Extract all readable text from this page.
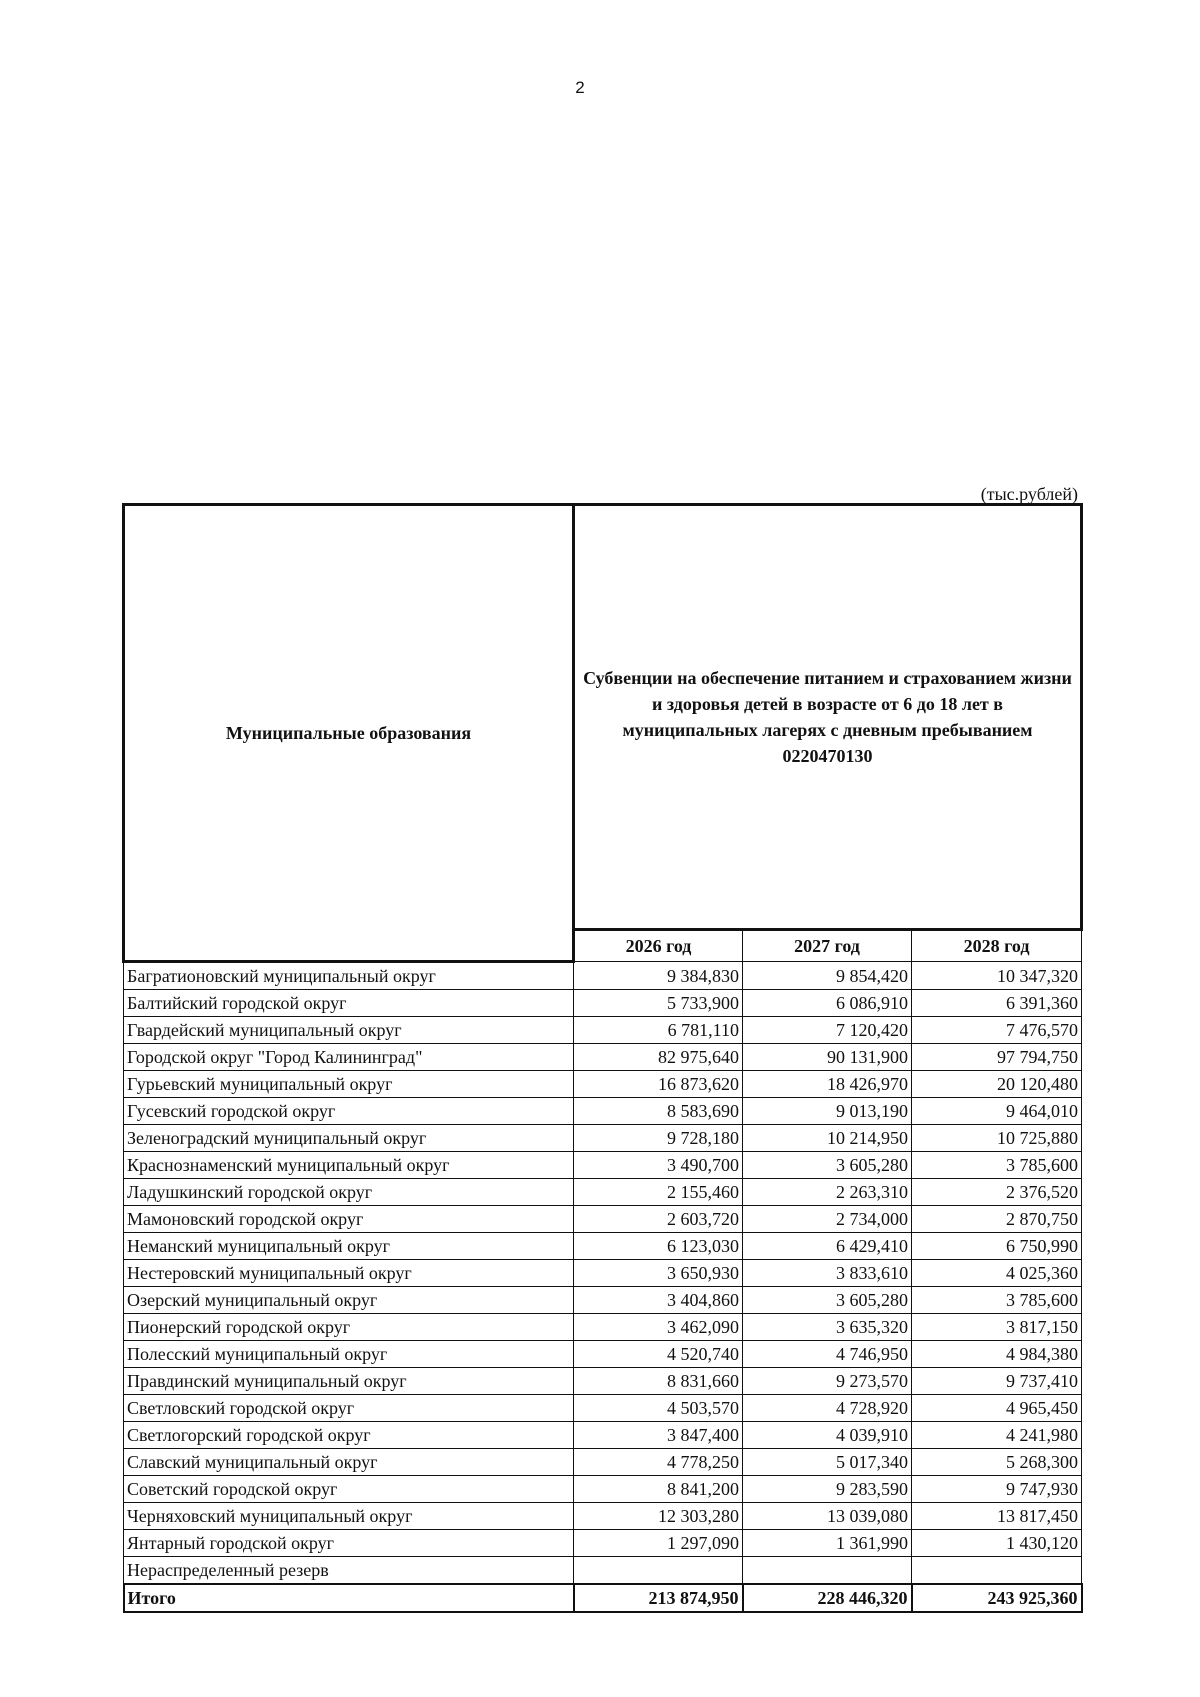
2
(тыс.рублей)
Муниципальные образования	Субвенции на обеспечение питанием и страхованием жизни и здоровья детей в возрасте от 6 до 18 лет в муниципальных лагерях с дневным пребыванием
0220470130		

	2026 год	2027 год	2028 год
Багратионовский муниципальный округ	9 384,830	9 854,420	10 347,320
Балтийский городской округ	5 733,900	6 086,910	6 391,360
Гвардейский муниципальный округ	6 781,110	7 120,420	7 476,570
Городской округ "Город Калининград"	82 975,640	90 131,900	97 794,750
Гурьевский муниципальный округ	16 873,620	18 426,970	20 120,480
Гусевский городской округ	8 583,690	9 013,190	9 464,010
Зеленоградский муниципальный округ	9 728,180	10 214,950	10 725,880
Краснознаменский муниципальный округ	3 490,700	3 605,280	3 785,600
Ладушкинский городской округ	2 155,460	2 263,310	2 376,520
Мамоновский городской округ	2 603,720	2 734,000	2 870,750
Неманский муниципальный округ	6 123,030	6 429,410	6 750,990
Нестеровский муниципальный округ	3 650,930	3 833,610	4 025,360
Озерский муниципальный округ	3 404,860	3 605,280	3 785,600
Пионерский городской округ	3 462,090	3 635,320	3 817,150
Полесский муниципальный округ	4 520,740	4 746,950	4 984,380
Правдинский муниципальный округ	8 831,660	9 273,570	9 737,410
Светловский городской округ	4 503,570	4 728,920	4 965,450
Светлогорский городской округ	3 847,400	4 039,910	4 241,980
Славский муниципальный округ	4 778,250	5 017,340	5 268,300
Советский городской округ	8 841,200	9 283,590	9 747,930
Черняховский муниципальный округ	12 303,280	13 039,080	13 817,450
Янтарный городской округ	1 297,090	1 361,990	1 430,120
Нераспределенный резерв			
Итого	213 874,950	228 446,320	243 925,360
